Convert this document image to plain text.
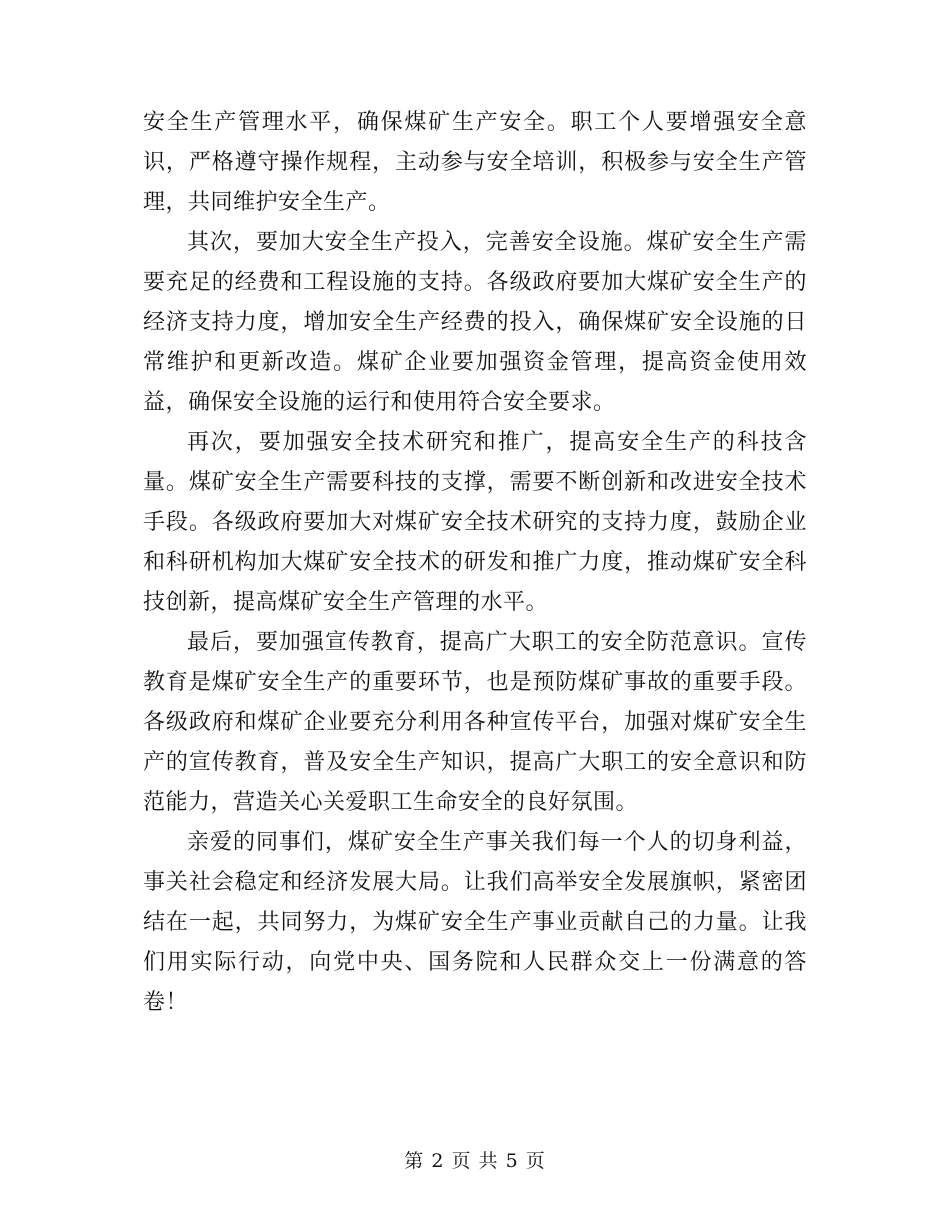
安全生产管理水平，确保煤矿生产安全。职工个人要增强安全意识，严格遵守操作规程，主动参与安全培训，积极参与安全生产管理，共同维护安全生产。

其次，要加大安全生产投入，完善安全设施。煤矿安全生产需要充足的经费和工程设施的支持。各级政府要加大煤矿安全生产的经济支持力度，增加安全生产经费的投入，确保煤矿安全设施的日常维护和更新改造。煤矿企业要加强资金管理，提高资金使用效益，确保安全设施的运行和使用符合安全要求。

再次，要加强安全技术研究和推广，提高安全生产的科技含量。煤矿安全生产需要科技的支撑，需要不断创新和改进安全技术手段。各级政府要加大对煤矿安全技术研究的支持力度，鼓励企业和科研机构加大煤矿安全技术的研发和推广力度，推动煤矿安全科技创新，提高煤矿安全生产管理的水平。

最后，要加强宣传教育，提高广大职工的安全防范意识。宣传教育是煤矿安全生产的重要环节，也是预防煤矿事故的重要手段。各级政府和煤矿企业要充分利用各种宣传平台，加强对煤矿安全生产的宣传教育，普及安全生产知识，提高广大职工的安全意识和防范能力，营造关心关爱职工生命安全的良好氛围。

亲爱的同事们，煤矿安全生产事关我们每一个人的切身利益，事关社会稳定和经济发展大局。让我们高举安全发展旗帜，紧密团结在一起，共同努力，为煤矿安全生产事业贡献自己的力量。让我们用实际行动，向党中央、国务院和人民群众交上一份满意的答卷！

第 2 页 共 5 页
